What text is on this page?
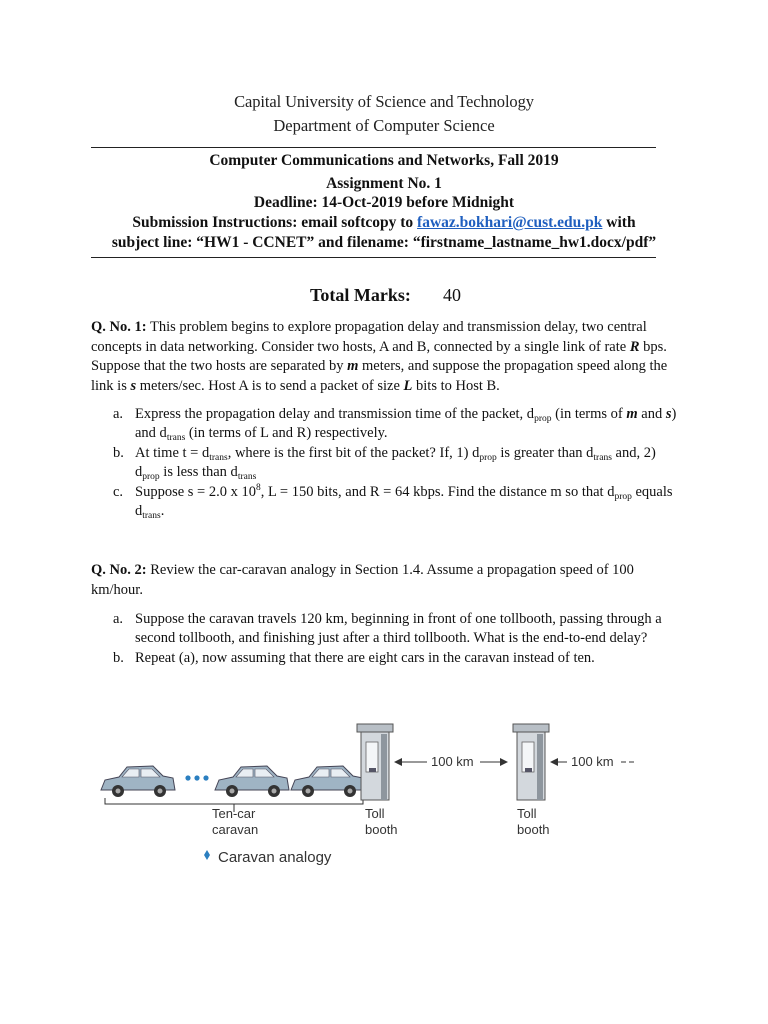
Capital University of Science and Technology
Department of Computer Science
Computer Communications and Networks, Fall 2019
Assignment No. 1
Deadline: 14-Oct-2019 before Midnight
Submission Instructions: email softcopy to fawaz.bokhari@cust.edu.pk with
subject line: “HW1 - CCNET” and filename: “firstname_lastname_hw1.docx/pdf”
Total Marks: 40
Q. No. 1: This problem begins to explore propagation delay and transmission delay, two central concepts in data networking. Consider two hosts, A and B, connected by a single link of rate R bps. Suppose that the two hosts are separated by m meters, and suppose the propagation speed along the link is s meters/sec. Host A is to send a packet of size L bits to Host B.
a. Express the propagation delay and transmission time of the packet, $d_{prop}$ (in terms of m and s) and $d_{trans}$ (in terms of L and R) respectively.
b. At time $t = d_{trans}$, where is the first bit of the packet? If, 1) $d_{prop}$ is greater than $d_{trans}$ and, 2) $d_{prop}$ is less than $d_{trans}$
c. Suppose s = 2.0 x $10^8$, L = 150 bits, and R = 64 kbps. Find the distance m so that $d_{prop}$ equals $d_{trans}$.
Q. No. 2: Review the car-caravan analogy in Section 1.4. Assume a propagation speed of 100 km/hour.
a. Suppose the caravan travels 120 km, beginning in front of one tollbooth, passing through a second tollbooth, and finishing just after a third tollbooth. What is the end-to-end delay?
b. Repeat (a), now assuming that there are eight cars in the caravan instead of ten.
100 km	100 km
Ten-car
caravan
Toll
booth
Toll
booth
Caravan analogy
